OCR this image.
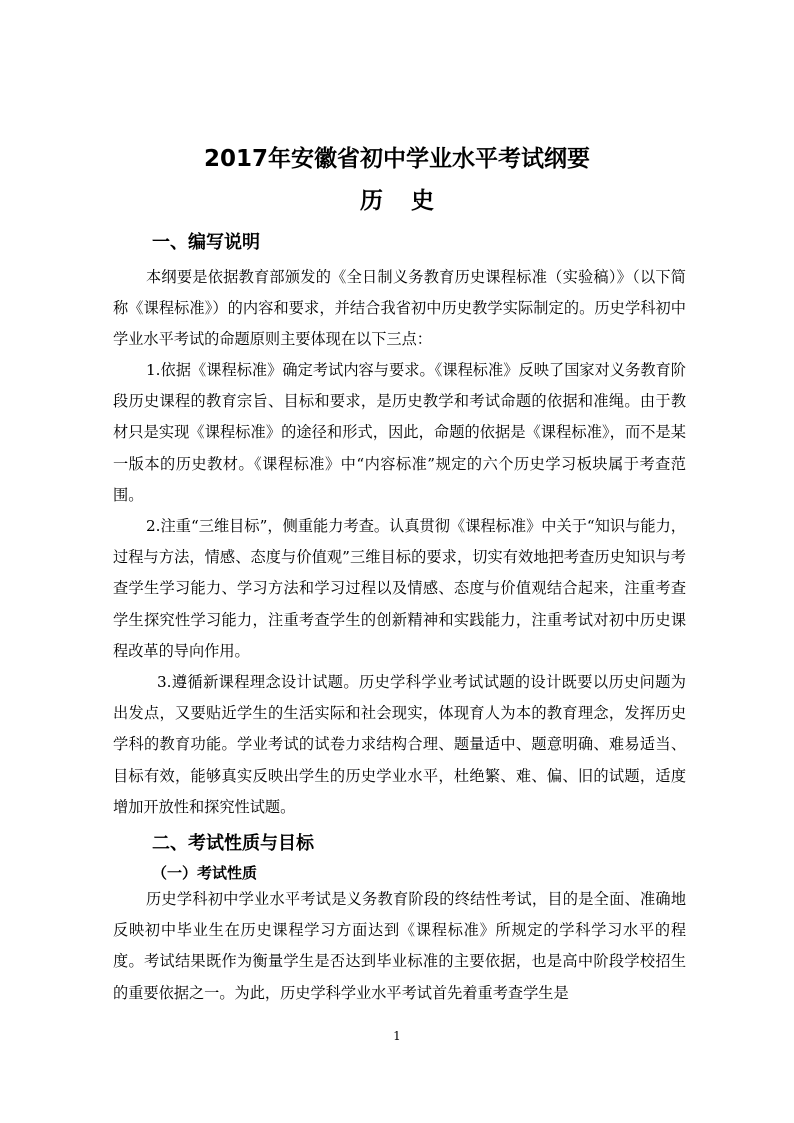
2017年安徽省初中学业水平考试纲要
历史
一、编写说明
本纲要是依据教育部颁发的《全日制义务教育历史课程标准（实验稿）》（以下简称《课程标准》）的内容和要求，并结合我省初中历史教学实际制定的。历史学科初中学业水平考试的命题原则主要体现在以下三点：
1.依据《课程标准》确定考试内容与要求。《课程标准》反映了国家对义务教育阶段历史课程的教育宗旨、目标和要求，是历史教学和考试命题的依据和准绳。由于教材只是实现《课程标准》的途径和形式，因此，命题的依据是《课程标准》，而不是某一版本的历史教材。《课程标准》中“内容标准”规定的六个历史学习板块属于考查范围。
2.注重“三维目标”，侧重能力考查。认真贯彻《课程标准》中关于“知识与能力，过程与方法，情感、态度与价值观”三维目标的要求，切实有效地把考查历史知识与考查学生学习能力、学习方法和学习过程以及情感、态度与价值观结合起来，注重考查学生探究性学习能力，注重考查学生的创新精神和实践能力，注重考试对初中历史课程改革的导向作用。
3.遵循新课程理念设计试题。历史学科学业考试试题的设计既要以历史问题为出发点，又要贴近学生的生活实际和社会现实，体现育人为本的教育理念，发挥历史学科的教育功能。学业考试的试卷力求结构合理、题量适中、题意明确、难易适当、目标有效，能够真实反映出学生的历史学业水平，杜绝繁、难、偏、旧的试题，适度增加开放性和探究性试题。
二、考试性质与目标
（一）考试性质
历史学科初中学业水平考试是义务教育阶段的终结性考试，目的是全面、准确地反映初中毕业生在历史课程学习方面达到《课程标准》所规定的学科学习水平的程度。考试结果既作为衡量学生是否达到毕业标准的主要依据，也是高中阶段学校招生的重要依据之一。为此，历史学科学业水平考试首先着重考查学生是
1
